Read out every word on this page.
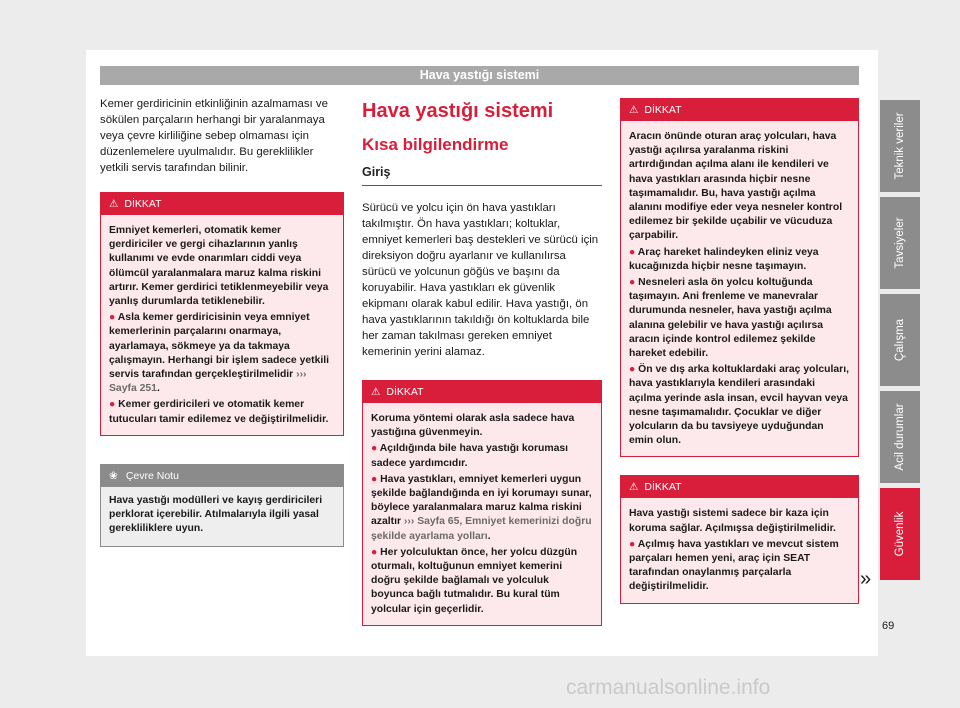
Hava yastığı sistemi

Kemer gerdiricinin etkinliğinin azalmaması ve sökülen parçaların herhangi bir yaralanmaya veya çevre kirliliğine sebep olmaması için düzenlemelere uyulmalıdır. Bu gereklilikler yetkili servis tarafından bilinir.

⚠ DİKKAT

Emniyet kemerleri, otomatik kemer gerdiriciler ve gergi cihazlarının yanlış kullanımı ve evde onarımları ciddi veya ölümcül yaralanmalara maruz kalma riskini artırır. Kemer gerdirici tetiklenmeyebilir veya yanlış durumlarda tetiklenebilir.

● Asla kemer gerdiricisinin veya emniyet kemerlerinin parçalarını onarmaya, ayarlamaya, sökmeye ya da takmaya çalışmayın. Herhangi bir işlem sadece yetkili servis tarafından gerçekleştirilmelidir ››› Sayfa 251.

● Kemer gerdiricileri ve otomatik kemer tutucuları tamir edilemez ve değiştirilmelidir.

❀ Çevre Notu
Hava yastığı modülleri ve kayış gerdiricileri perklorat içerebilir. Atılmalarıyla ilgili yasal gerekliliklere uyun.
Hava yastığı sistemi
Kısa bilgilendirme
Giriş

Sürücü ve yolcu için ön hava yastıkları takılmıştır. Ön hava yastıkları; koltuklar, emniyet kemerleri baş destekleri ve sürücü için direksiyon doğru ayarlanır ve kullanılırsa sürücü ve yolcunun göğüs ve başını da koruyabilir. Hava yastıkları ek güvenlik ekipmanı olarak kabul edilir. Hava yastığı, ön hava yastıklarının takıldığı ön koltuklarda bile her zaman takılması gereken emniyet kemerinin yerini alamaz.

⚠ DİKKAT

Koruma yöntemi olarak asla sadece hava yastığına güvenmeyin.

● Açıldığında bile hava yastığı koruması sadece yardımcıdır.

● Hava yastıkları, emniyet kemerleri uygun şekilde bağlandığında en iyi korumayı sunar, böylece yaralanmalara maruz kalma riskini azaltır ››› Sayfa 65, Emniyet kemerinizi doğru şekilde ayarlama yolları.

● Her yolculuktan önce, her yolcu düzgün oturmalı, koltuğunun emniyet kemerini doğru şekilde bağlamalı ve yolculuk boyunca bağlı tutmalıdır. Bu kural tüm yolcular için geçerlidir.

⚠ DİKKAT

Aracın önünde oturan araç yolcuları, hava yastığı açılırsa yaralanma riskini artırdığından açılma alanı ile kendileri ve hava yastıkları arasında hiçbir nesne taşımamalıdır. Bu, hava yastığı açılma alanını modifiye eder veya nesneler kontrol edilemez bir şekilde uçabilir ve vücuduza çarpabilir.

● Araç hareket halindeyken eliniz veya kucağınızda hiçbir nesne taşımayın.

● Nesneleri asla ön yolcu koltuğunda taşımayın. Ani frenleme ve manevralar durumunda nesneler, hava yastığı açılma alanına gelebilir ve hava yastığı açılırsa aracın içinde kontrol edilemez şekilde hareket edebilir.

● Ön ve dış arka koltuklardaki araç yolcuları, hava yastıklarıyla kendileri arasındaki açılma yerinde asla insan, evcil hayvan veya nesne taşımamalıdır. Çocuklar ve diğer yolcuların da bu tavsiyeye uyduğundan emin olun.

⚠ DİKKAT

Hava yastığı sistemi sadece bir kaza için koruma sağlar. Açılmışsa değiştirilmelidir.

● Açılmış hava yastıkları ve mevcut sistem parçaları hemen yeni, araç için SEAT tarafından onaylanmış parçalarla değiştirilmelidir.

Teknik veriler
Tavsiyeler
Çalışma
Acil durumlar
Güvenlik
»
69
carmanualsonline.info
